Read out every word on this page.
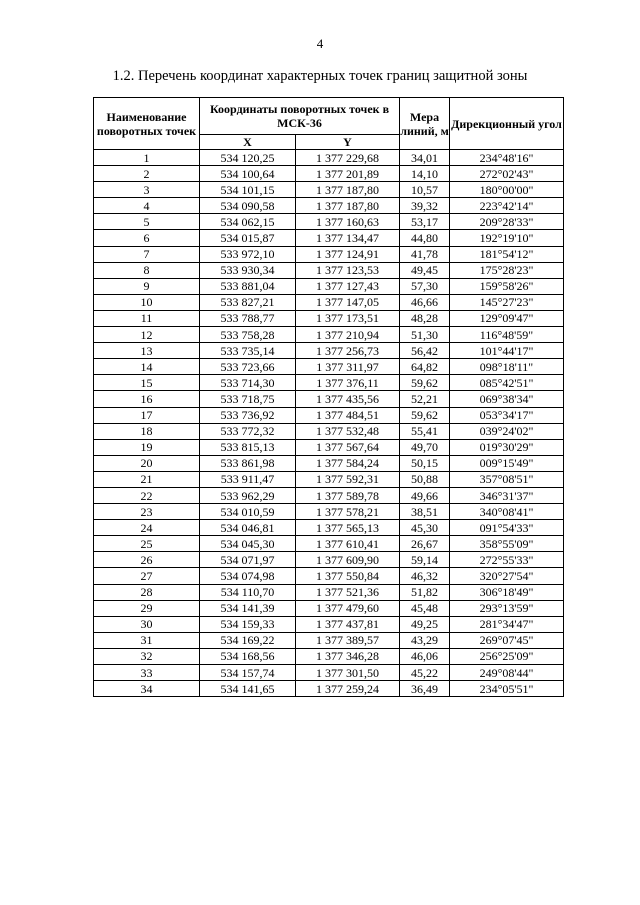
4
1.2. Перечень координат характерных точек границ защитной зоны
Наименование поворотных точек	Координаты поворотных точек в МСК-36		Мера линий, м	Дирекционный угол
	X	Y		
1	534 120,25	1 377 229,68	34,01	234°48'16"
2	534 100,64	1 377 201,89	14,10	272°02'43"
3	534 101,15	1 377 187,80	10,57	180°00'00"
4	534 090,58	1 377 187,80	39,32	223°42'14"
5	534 062,15	1 377 160,63	53,17	209°28'33"
6	534 015,87	1 377 134,47	44,80	192°19'10"
7	533 972,10	1 377 124,91	41,78	181°54'12"
8	533 930,34	1 377 123,53	49,45	175°28'23"
9	533 881,04	1 377 127,43	57,30	159°58'26"
10	533 827,21	1 377 147,05	46,66	145°27'23"
11	533 788,77	1 377 173,51	48,28	129°09'47"
12	533 758,28	1 377 210,94	51,30	116°48'59"
13	533 735,14	1 377 256,73	56,42	101°44'17"
14	533 723,66	1 377 311,97	64,82	098°18'11"
15	533 714,30	1 377 376,11	59,62	085°42'51"
16	533 718,75	1 377 435,56	52,21	069°38'34"
17	533 736,92	1 377 484,51	59,62	053°34'17"
18	533 772,32	1 377 532,48	55,41	039°24'02"
19	533 815,13	1 377 567,64	49,70	019°30'29"
20	533 861,98	1 377 584,24	50,15	009°15'49"
21	533 911,47	1 377 592,31	50,88	357°08'51"
22	533 962,29	1 377 589,78	49,66	346°31'37"
23	534 010,59	1 377 578,21	38,51	340°08'41"
24	534 046,81	1 377 565,13	45,30	091°54'33"
25	534 045,30	1 377 610,41	26,67	358°55'09"
26	534 071,97	1 377 609,90	59,14	272°55'33"
27	534 074,98	1 377 550,84	46,32	320°27'54"
28	534 110,70	1 377 521,36	51,82	306°18'49"
29	534 141,39	1 377 479,60	45,48	293°13'59"
30	534 159,33	1 377 437,81	49,25	281°34'47"
31	534 169,22	1 377 389,57	43,29	269°07'45"
32	534 168,56	1 377 346,28	46,06	256°25'09"
33	534 157,74	1 377 301,50	45,22	249°08'44"
34	534 141,65	1 377 259,24	36,49	234°05'51"
